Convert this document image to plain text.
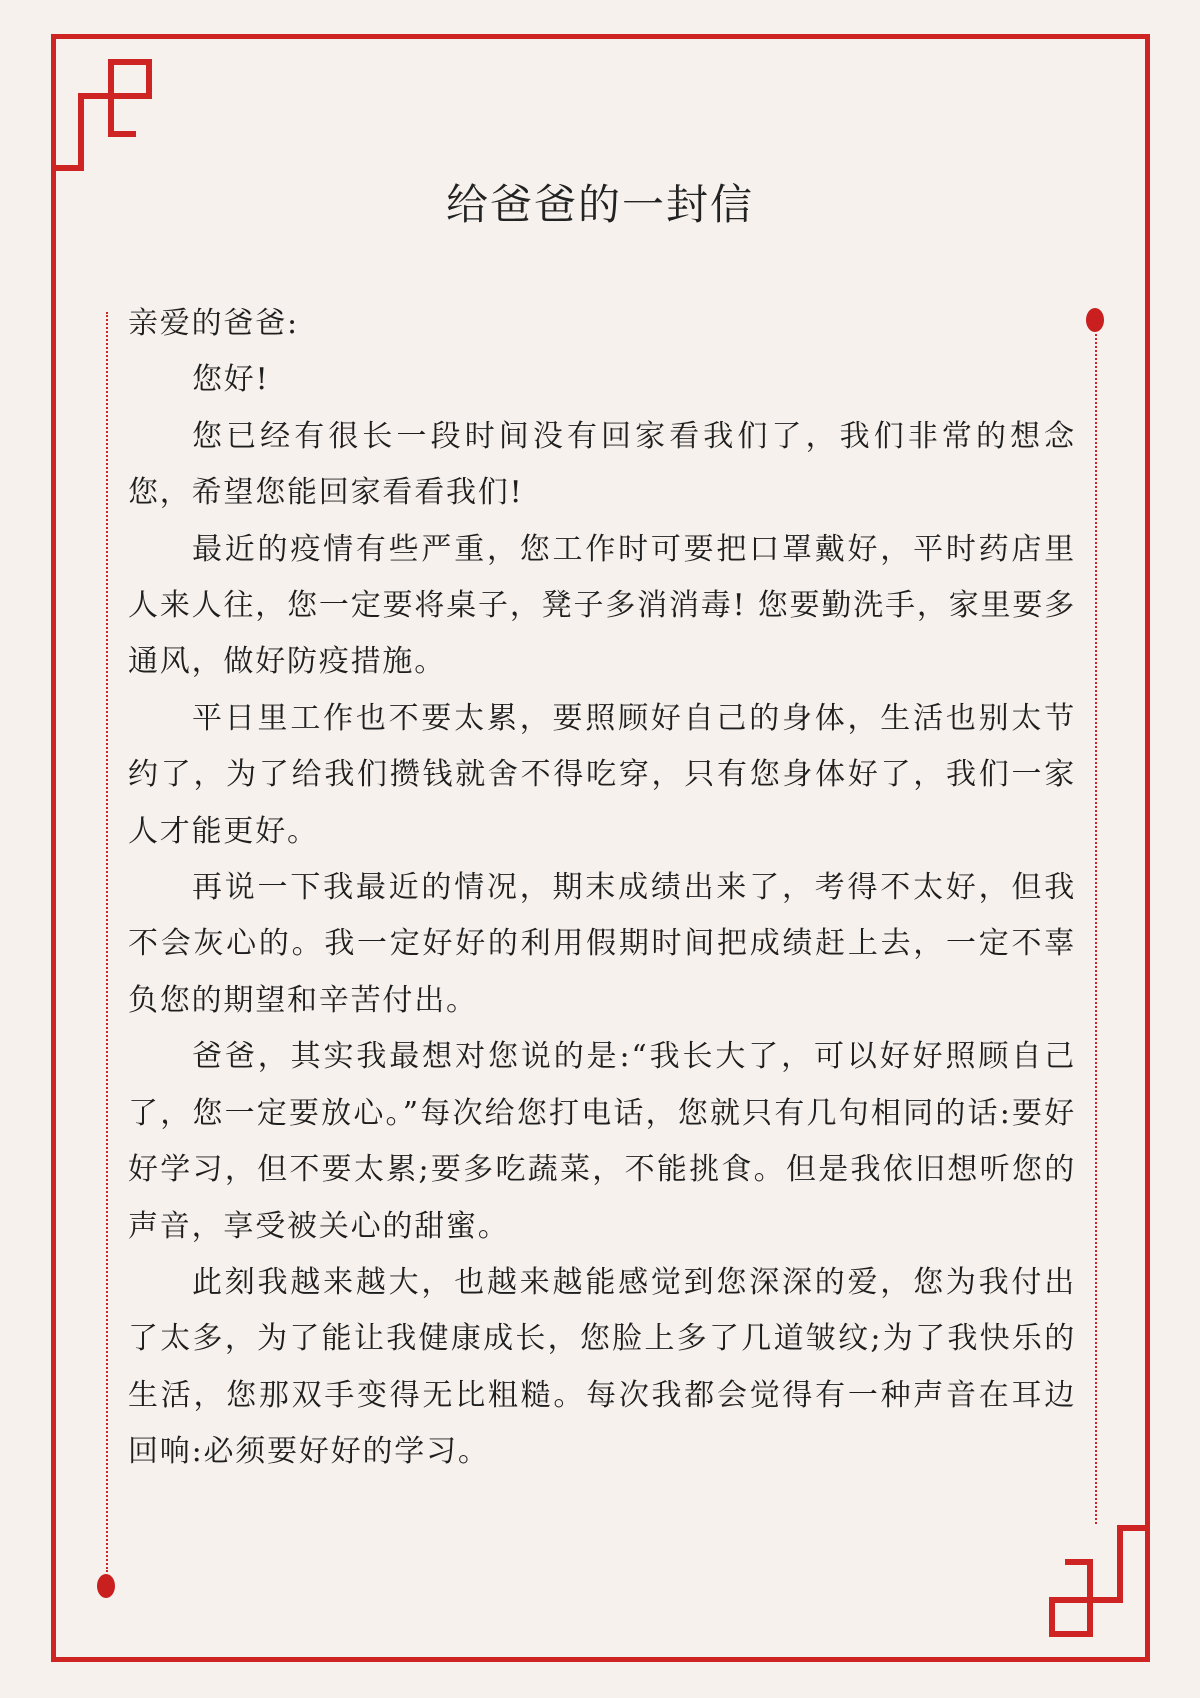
给爸爸的一封信

亲爱的爸爸:

您好!

您已经有很长一段时间没有回家看我们了，我们非常的想念您，希望您能回家看看我们!

最近的疫情有些严重，您工作时可要把口罩戴好，平时药店里人来人往，您一定要将桌子，凳子多消消毒! 您要勤洗手，家里要多通风，做好防疫措施。

平日里工作也不要太累，要照顾好自己的身体，生活也别太节约了，为了给我们攒钱就舍不得吃穿，只有您身体好了，我们一家人才能更好。

再说一下我最近的情况，期末成绩出来了，考得不太好，但我不会灰心的。我一定好好的利用假期时间把成绩赶上去，一定不辜负您的期望和辛苦付出。

爸爸，其实我最想对您说的是:“我长大了，可以好好照顾自己了，您一定要放心。”每次给您打电话，您就只有几句相同的话:要好好学习，但不要太累;要多吃蔬菜，不能挑食。但是我依旧想听您的声音，享受被关心的甜蜜。

此刻我越来越大，也越来越能感觉到您深深的爱，您为我付出了太多，为了能让我健康成长，您脸上多了几道皱纹;为了我快乐的生活，您那双手变得无比粗糙。每次我都会觉得有一种声音在耳边回响:必须要好好的学习。
